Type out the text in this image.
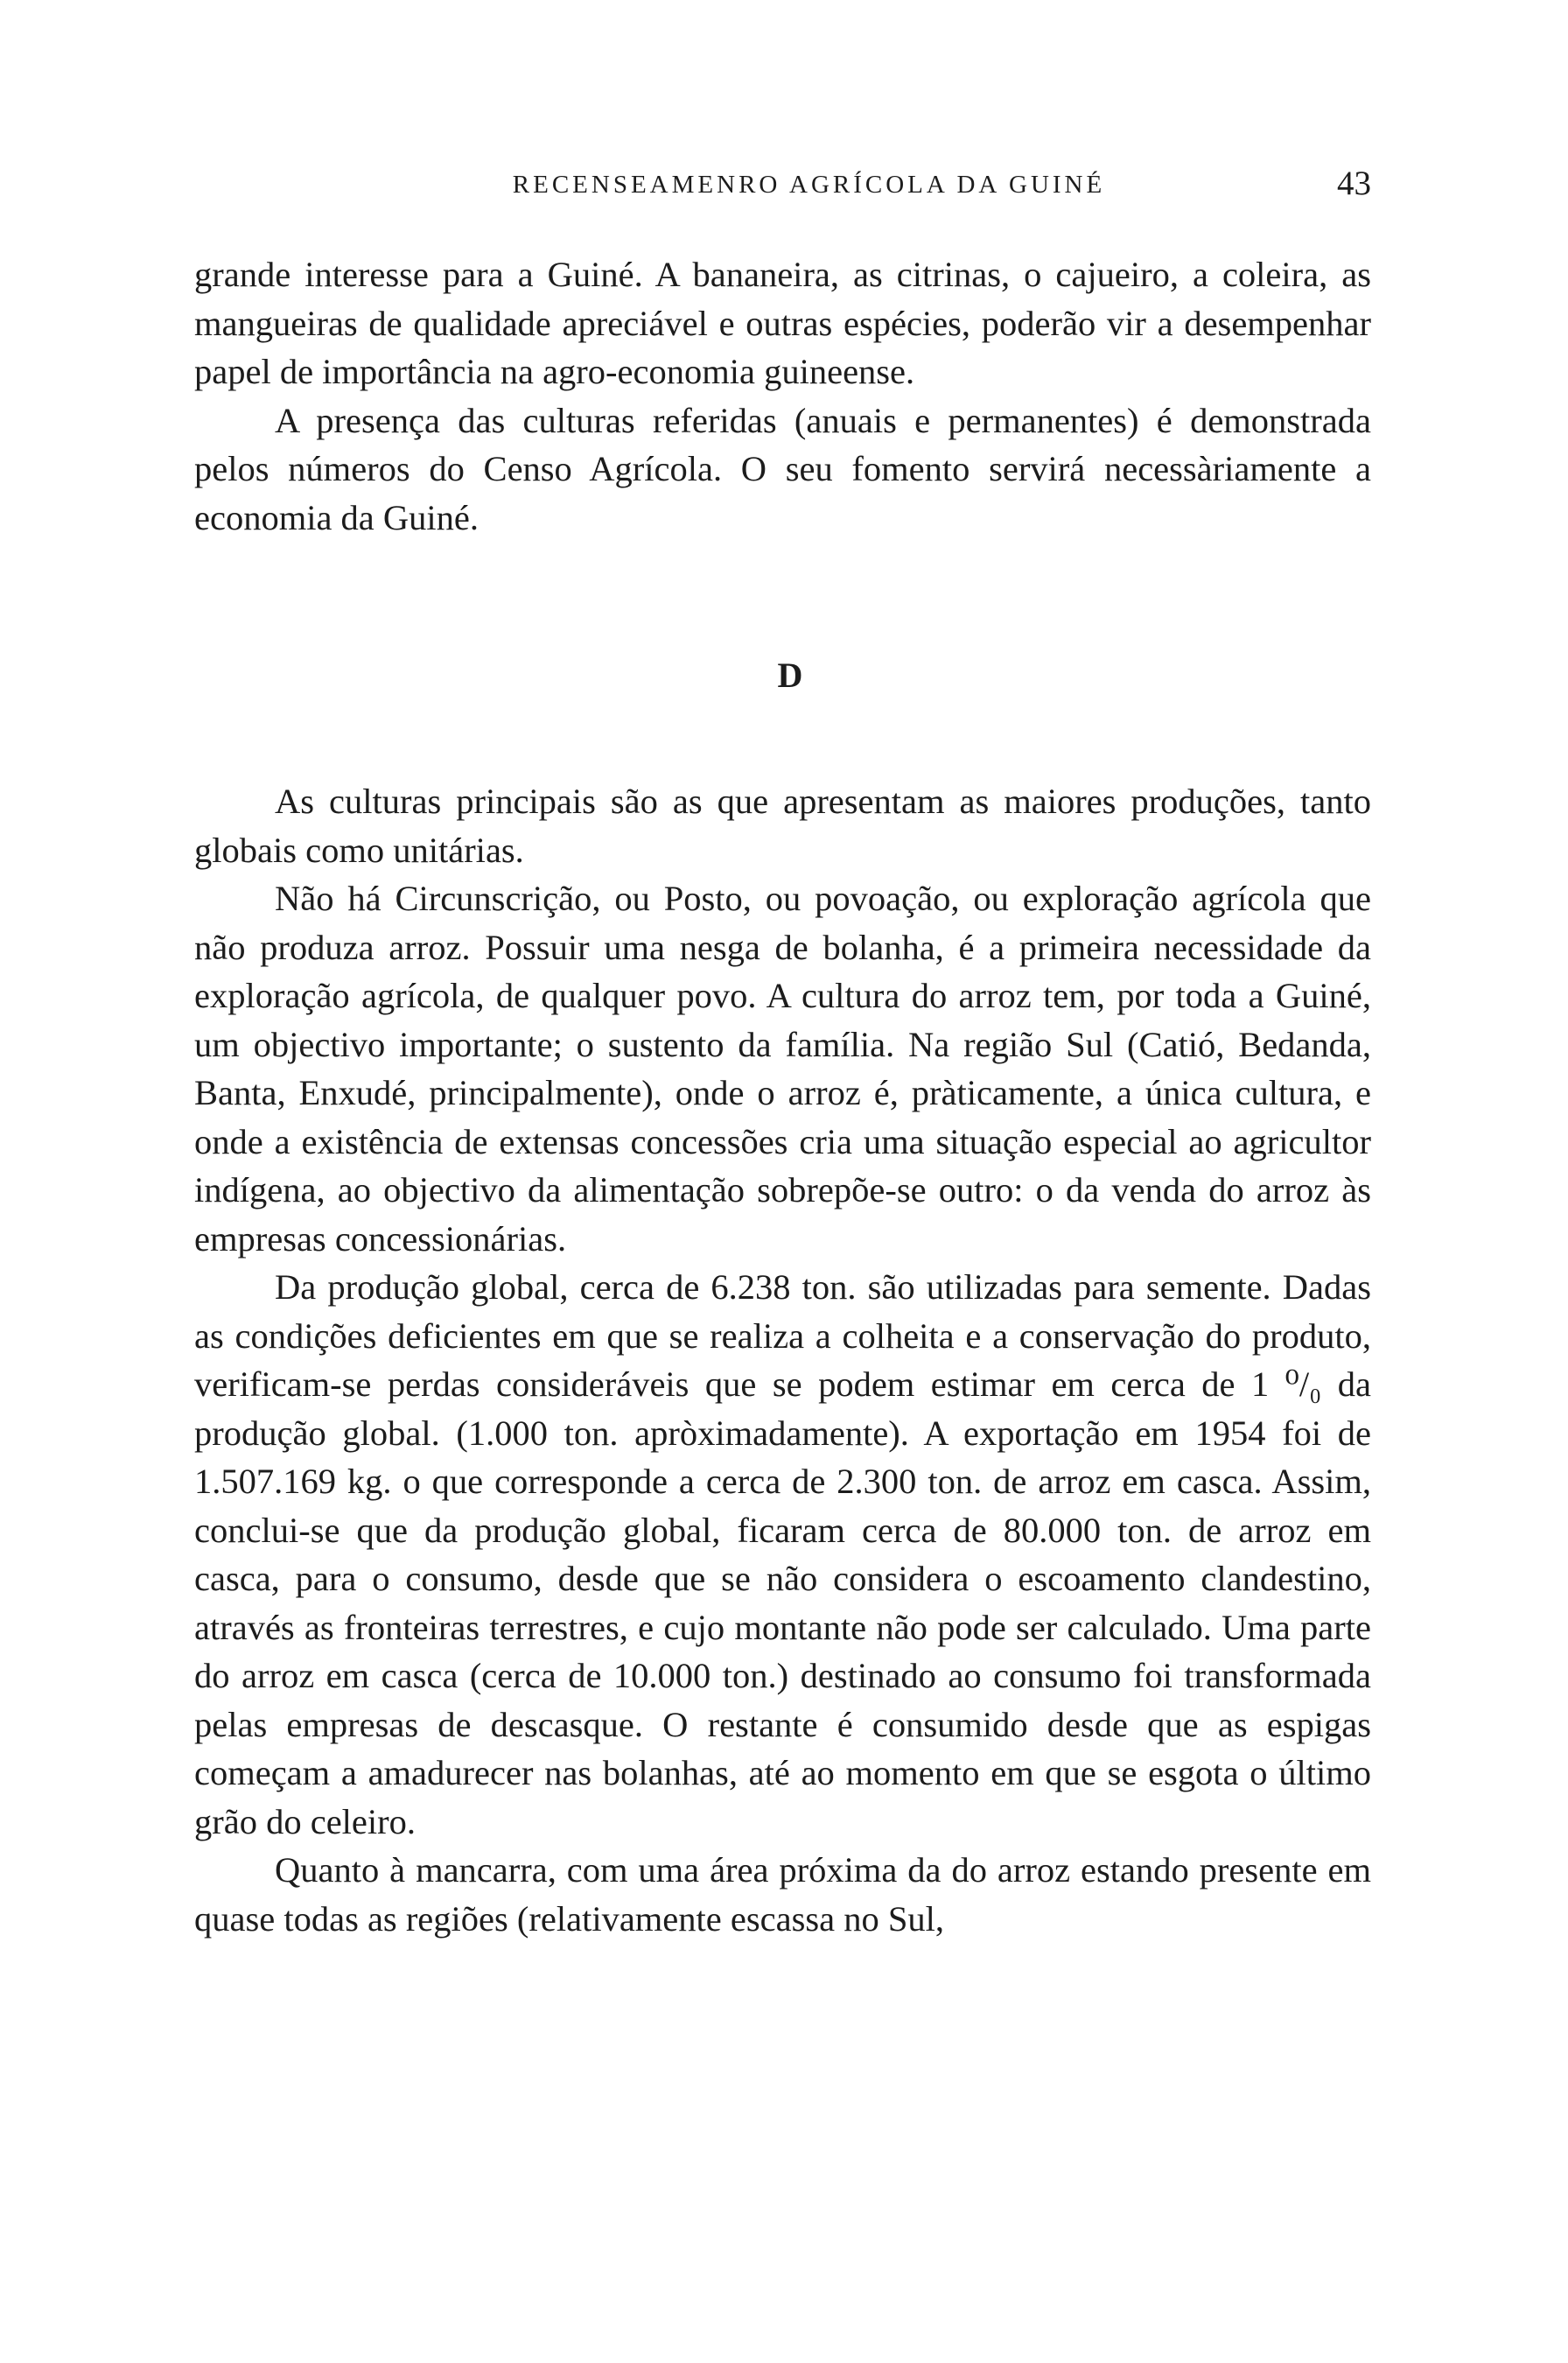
RECENSEAMENRO AGRÍCOLA DA GUINÉ	43

grande interesse para a Guiné. A bananeira, as citrinas, o cajueiro, a coleira, as mangueiras de qualidade apreciável e outras espécies, poderão vir a desempenhar papel de importância na agro-economia guineense.

A presença das culturas referidas (anuais e permanentes) é demonstrada pelos números do Censo Agrícola. O seu fomento servirá necessàriamente a economia da Guiné.

D

As culturas principais são as que apresentam as maiores produções, tanto globais como unitárias.

Não há Circunscrição, ou Posto, ou povoação, ou exploração agrícola que não produza arroz. Possuir uma nesga de bolanha, é a primeira necessidade da exploração agrícola, de qualquer povo. A cultura do arroz tem, por toda a Guiné, um objectivo importante; o sustento da família. Na região Sul (Catió, Bedanda, Banta, Enxudé, principalmente), onde o arroz é, pràticamente, a única cultura, e onde a existência de extensas concessões cria uma situação especial ao agricultor indígena, ao objectivo da alimentação sobrepõe-se outro: o da venda do arroz às empresas concessionárias.

Da produção global, cerca de 6.238 ton. são utilizadas para semente. Dadas as condições deficientes em que se realiza a colheita e a conservação do produto, verificam-se perdas consideráveis que se podem estimar em cerca de 1 ⁰/₀ da produção global. (1.000 ton. apròximadamente). A exportação em 1954 foi de 1.507.169 kg. o que corresponde a cerca de 2.300 ton. de arroz em casca. Assim, conclui-se que da produção global, ficaram cerca de 80.000 ton. de arroz em casca, para o consumo, desde que se não considera o escoamento clandestino, através as fronteiras terrestres, e cujo montante não pode ser calculado. Uma parte do arroz em casca (cerca de 10.000 ton.) destinado ao consumo foi transformada pelas empresas de descasque. O restante é consumido desde que as espigas começam a amadurecer nas bolanhas, até ao momento em que se esgota o último grão do celeiro.

Quanto à mancarra, com uma área próxima da do arroz estando presente em quase todas as regiões (relativamente escassa no Sul,
